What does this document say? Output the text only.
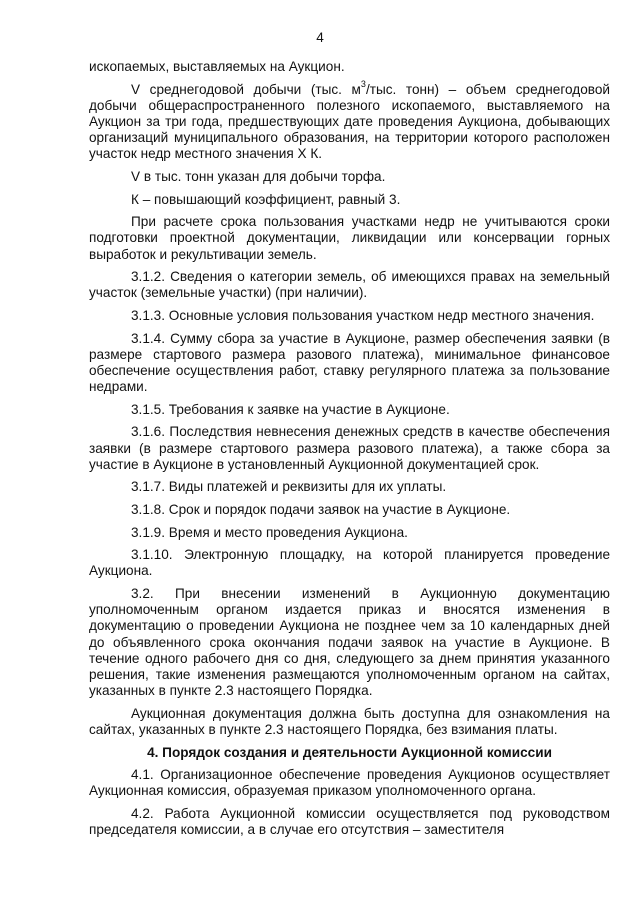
4

ископаемых, выставляемых на Аукцион.

V среднегодовой добычи (тыс. $м^3$/тыс. тонн) – объем среднегодовой добычи общераспространенного полезного ископаемого, выставляемого на Аукцион за три года, предшествующих дате проведения Аукциона, добывающих организаций муниципального образования, на территории которого расположен участок недр местного значения Х К.

V в тыс. тонн указан для добычи торфа.

К – повышающий коэффициент, равный 3.

При расчете срока пользования участками недр не учитываются сроки подготовки проектной документации, ликвидации или консервации горных выработок и рекультивации земель.

3.1.2. Сведения о категории земель, об имеющихся правах на земельный участок (земельные участки) (при наличии).

3.1.3. Основные условия пользования участком недр местного значения.

3.1.4. Сумму сбора за участие в Аукционе, размер обеспечения заявки (в размере стартового размера разового платежа), минимальное финансовое обеспечение осуществления работ, ставку регулярного платежа за пользование недрами.

3.1.5. Требования к заявке на участие в Аукционе.

3.1.6. Последствия невнесения денежных средств в качестве обеспечения заявки (в размере стартового размера разового платежа), а также сбора за участие в Аукционе в установленный Аукционной документацией срок.

3.1.7. Виды платежей и реквизиты для их уплаты.

3.1.8. Срок и порядок подачи заявок на участие в Аукционе.

3.1.9. Время и место проведения Аукциона.

3.1.10. Электронную площадку, на которой планируется проведение Аукциона.

3.2. При внесении изменений в Аукционную документацию уполномоченным органом издается приказ и вносятся изменения в документацию о проведении Аукциона не позднее чем за 10 календарных дней до объявленного срока окончания подачи заявок на участие в Аукционе. В течение одного рабочего дня со дня, следующего за днем принятия указанного решения, такие изменения размещаются уполномоченным органом на сайтах, указанных в пункте 2.3 настоящего Порядка.

Аукционная документация должна быть доступна для ознакомления на сайтах, указанных в пункте 2.3 настоящего Порядка, без взимания платы.

4. Порядок создания и деятельности Аукционной комиссии

4.1. Организационное обеспечение проведения Аукционов осуществляет Аукционная комиссия, образуемая приказом уполномоченного органа.

4.2. Работа Аукционной комиссии осуществляется под руководством председателя комиссии, а в случае его отсутствия – заместителя
